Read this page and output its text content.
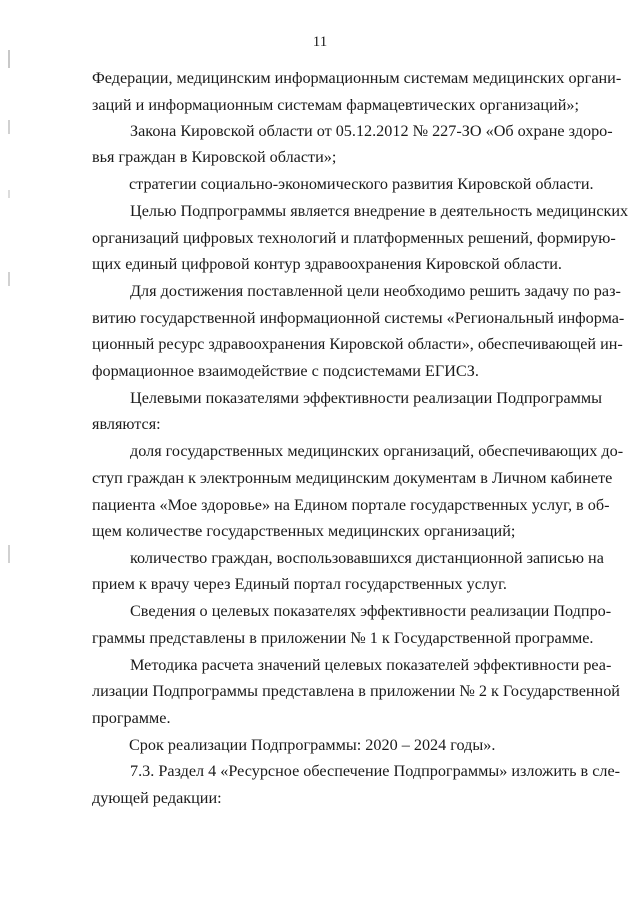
11

Федерации, медицинским информационным системам медицинских органи-

заций и информационным системам фармацевтических организаций»;

Закона Кировской области от 05.12.2012 № 227-ЗО «Об охране здоро-

вья граждан в Кировской области»;

стратегии социально-экономического развития Кировской области.

Целью Подпрограммы является внедрение в деятельность медицинских

организаций цифровых технологий и платформенных решений, формирую-

щих единый цифровой контур здравоохранения Кировской области.

Для достижения поставленной цели необходимо решить задачу по раз-

витию государственной информационной системы «Региональный информа-

ционный ресурс здравоохранения Кировской области», обеспечивающей ин-

формационное взаимодействие с подсистемами ЕГИСЗ.

Целевыми показателями эффективности реализации Подпрограммы

являются:

доля государственных медицинских организаций, обеспечивающих до-

ступ граждан к электронным медицинским документам в Личном кабинете

пациента «Мое здоровье» на Едином портале государственных услуг, в об-

щем количестве государственных медицинских организаций;

количество граждан, воспользовавшихся дистанционной записью на

прием к врачу через Единый портал государственных услуг.

Сведения о целевых показателях эффективности реализации Подпро-

граммы представлены в приложении № 1 к Государственной программе.

Методика расчета значений целевых показателей эффективности реа-

лизации Подпрограммы представлена в приложении № 2 к Государственной

программе.

Срок реализации Подпрограммы: 2020 – 2024 годы».

7.3. Раздел 4 «Ресурсное обеспечение Подпрограммы» изложить в сле-

дующей редакции:
